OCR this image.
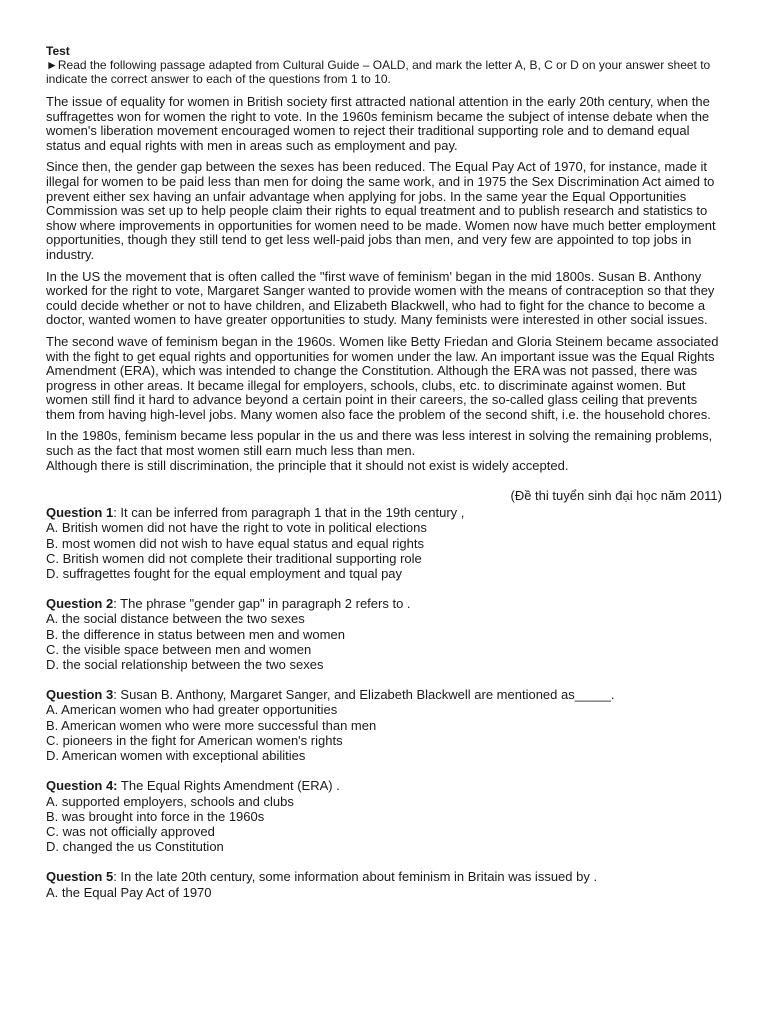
Test

►Read the following passage adapted from Cultural Guide – OALD, and mark the letter A, B, C or D on your answer sheet to indicate the correct answer to each of the questions from 1 to 10.

The issue of equality for women in British society first attracted national attention in the early 20th century, when the suffragettes won for women the right to vote. In the 1960s feminism became the subject of intense debate when the women's liberation movement encouraged women to reject their traditional supporting role and to demand equal status and equal rights with men in areas such as employment and pay.

Since then, the gender gap between the sexes has been reduced. The Equal Pay Act of 1970, for instance, made it illegal for women to be paid less than men for doing the same work, and in 1975 the Sex Discrimination Act aimed to prevent either sex having an unfair advantage when applying for jobs. In the same year the Equal Opportunities Commission was set up to help people claim their rights to equal treatment and to publish research and statistics to show where improvements in opportunities for women need to be made. Women now have much better employment opportunities, though they still tend to get less well-paid jobs than men, and very few are appointed to top jobs in industry.

In the US the movement that is often called the "first wave of feminism' began in the mid 1800s. Susan B. Anthony worked for the right to vote, Margaret Sanger wanted to provide women with the means of contraception so that they could decide whether or not to have children, and Elizabeth Blackwell, who had to fight for the chance to become a doctor, wanted women to have greater opportunities to study. Many feminists were interested in other social issues.

The second wave of feminism began in the 1960s. Women like Betty Friedan and Gloria Steinem became associated with the fight to get equal rights and opportunities for women under the law. An important issue was the Equal Rights Amendment (ERA), which was intended to change the Constitution. Although the ERA was not passed, there was progress in other areas. It became illegal for employers, schools, clubs, etc. to discriminate against women. But women still find it hard to advance beyond a certain point in their careers, the so-called glass ceiling that prevents them from having high-level jobs. Many women also face the problem of the second shift, i.e. the household chores.

In the 1980s, feminism became less popular in the us and there was less interest in solving the remaining problems, such as the fact that most women still earn much less than men.

Although there is still discrimination, the principle that it should not exist is widely accepted.

(Đề thi tuyển sinh đại học năm 2011)

Question 1: It can be inferred from paragraph 1 that in the 19th century ,

A. British women did not have the right to vote in political elections

B. most women did not wish to have equal status and equal rights

C. British women did not complete their traditional supporting role

D. suffragettes fought for the equal employment and tqual pay

Question 2: The phrase "gender gap" in paragraph 2 refers to .

A. the social distance between the two sexes

B. the difference in status between men and women

C. the visible space between men and women

D. the social relationship between the two sexes

Question 3: Susan B. Anthony, Margaret Sanger, and Elizabeth Blackwell are mentioned as_____.

A. American women who had greater opportunities

B. American women who were more successful than men

C. pioneers in the fight for American women's rights

D. American women with exceptional abilities

Question 4: The Equal Rights Amendment (ERA) .

A. supported employers, schools and clubs

B. was brought into force in the 1960s

C. was not officially approved

D. changed the us Constitution

Question 5: In the late 20th century, some information about feminism in Britain was issued by .

A. the Equal Pay Act of 1970
